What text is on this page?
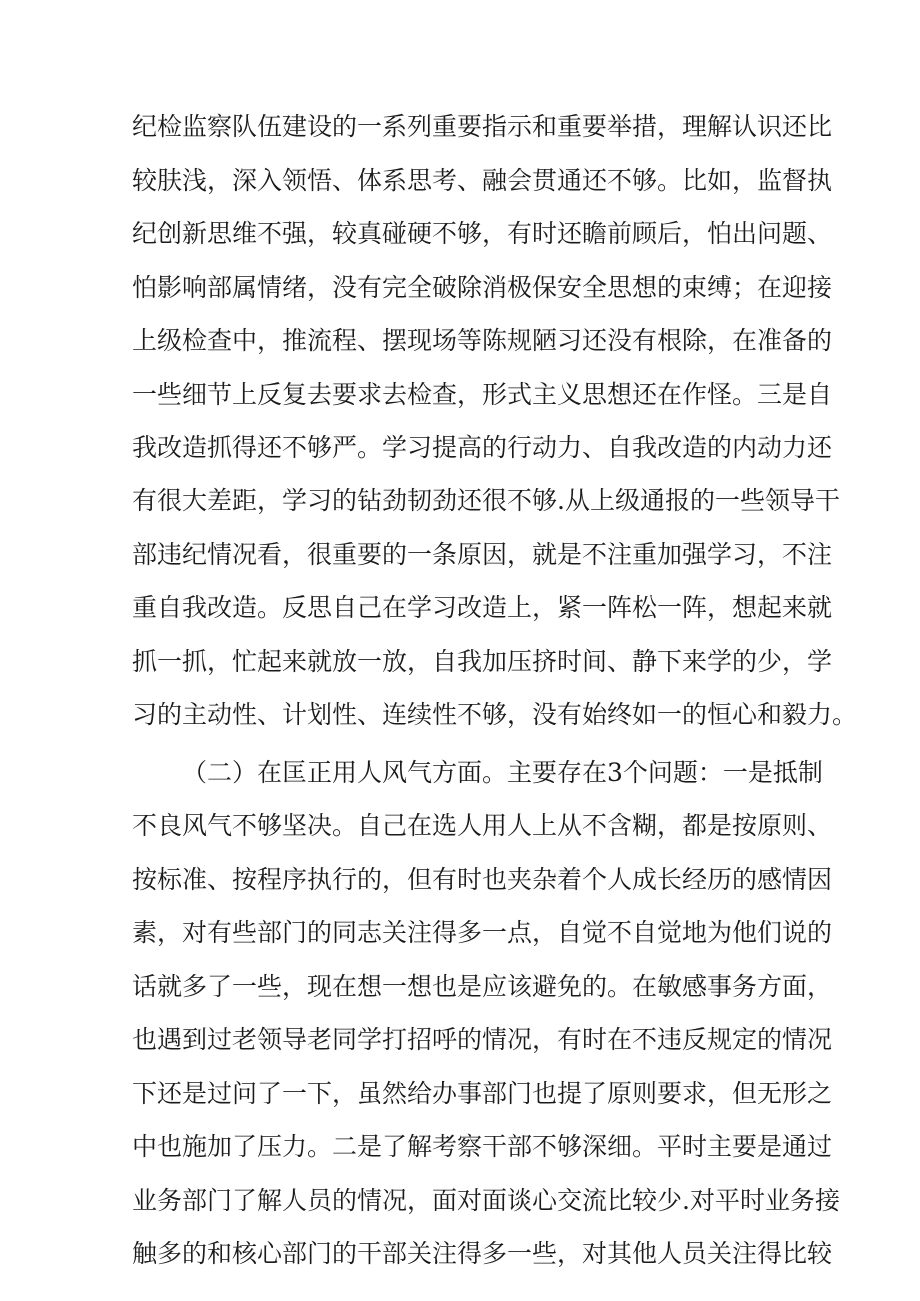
纪检监察队伍建设的一系列重要指示和重要举措，理解认识还比
较肤浅，深入领悟、体系思考、融会贯通还不够。比如，监督执
纪创新思维不强，较真碰硬不够，有时还瞻前顾后，怕出问题、
怕影响部属情绪，没有完全破除消极保安全思想的束缚；在迎接
上级检查中，推流程、摆现场等陈规陋习还没有根除，在准备的
一些细节上反复去要求去检查，形式主义思想还在作怪。三是自
我改造抓得还不够严。学习提高的行动力、自我改造的内动力还
有很大差距，学习的钻劲韧劲还很不够.从上级通报的一些领导干
部违纪情况看，很重要的一条原因，就是不注重加强学习，不注
重自我改造。反思自己在学习改造上，紧一阵松一阵，想起来就
抓一抓，忙起来就放一放，自我加压挤时间、静下来学的少，学
习的主动性、计划性、连续性不够，没有始终如一的恒心和毅力。
（二）在匡正用人风气方面。主要存在3个问题：一是抵制
不良风气不够坚决。自己在选人用人上从不含糊，都是按原则、
按标准、按程序执行的，但有时也夹杂着个人成长经历的感情因
素，对有些部门的同志关注得多一点，自觉不自觉地为他们说的
话就多了一些，现在想一想也是应该避免的。在敏感事务方面，
也遇到过老领导老同学打招呼的情况，有时在不违反规定的情况
下还是过问了一下，虽然给办事部门也提了原则要求，但无形之
中也施加了压力。二是了解考察干部不够深细。平时主要是通过
业务部门了解人员的情况，面对面谈心交流比较少.对平时业务接
触多的和核心部门的干部关注得多一些，对其他人员关注得比较
